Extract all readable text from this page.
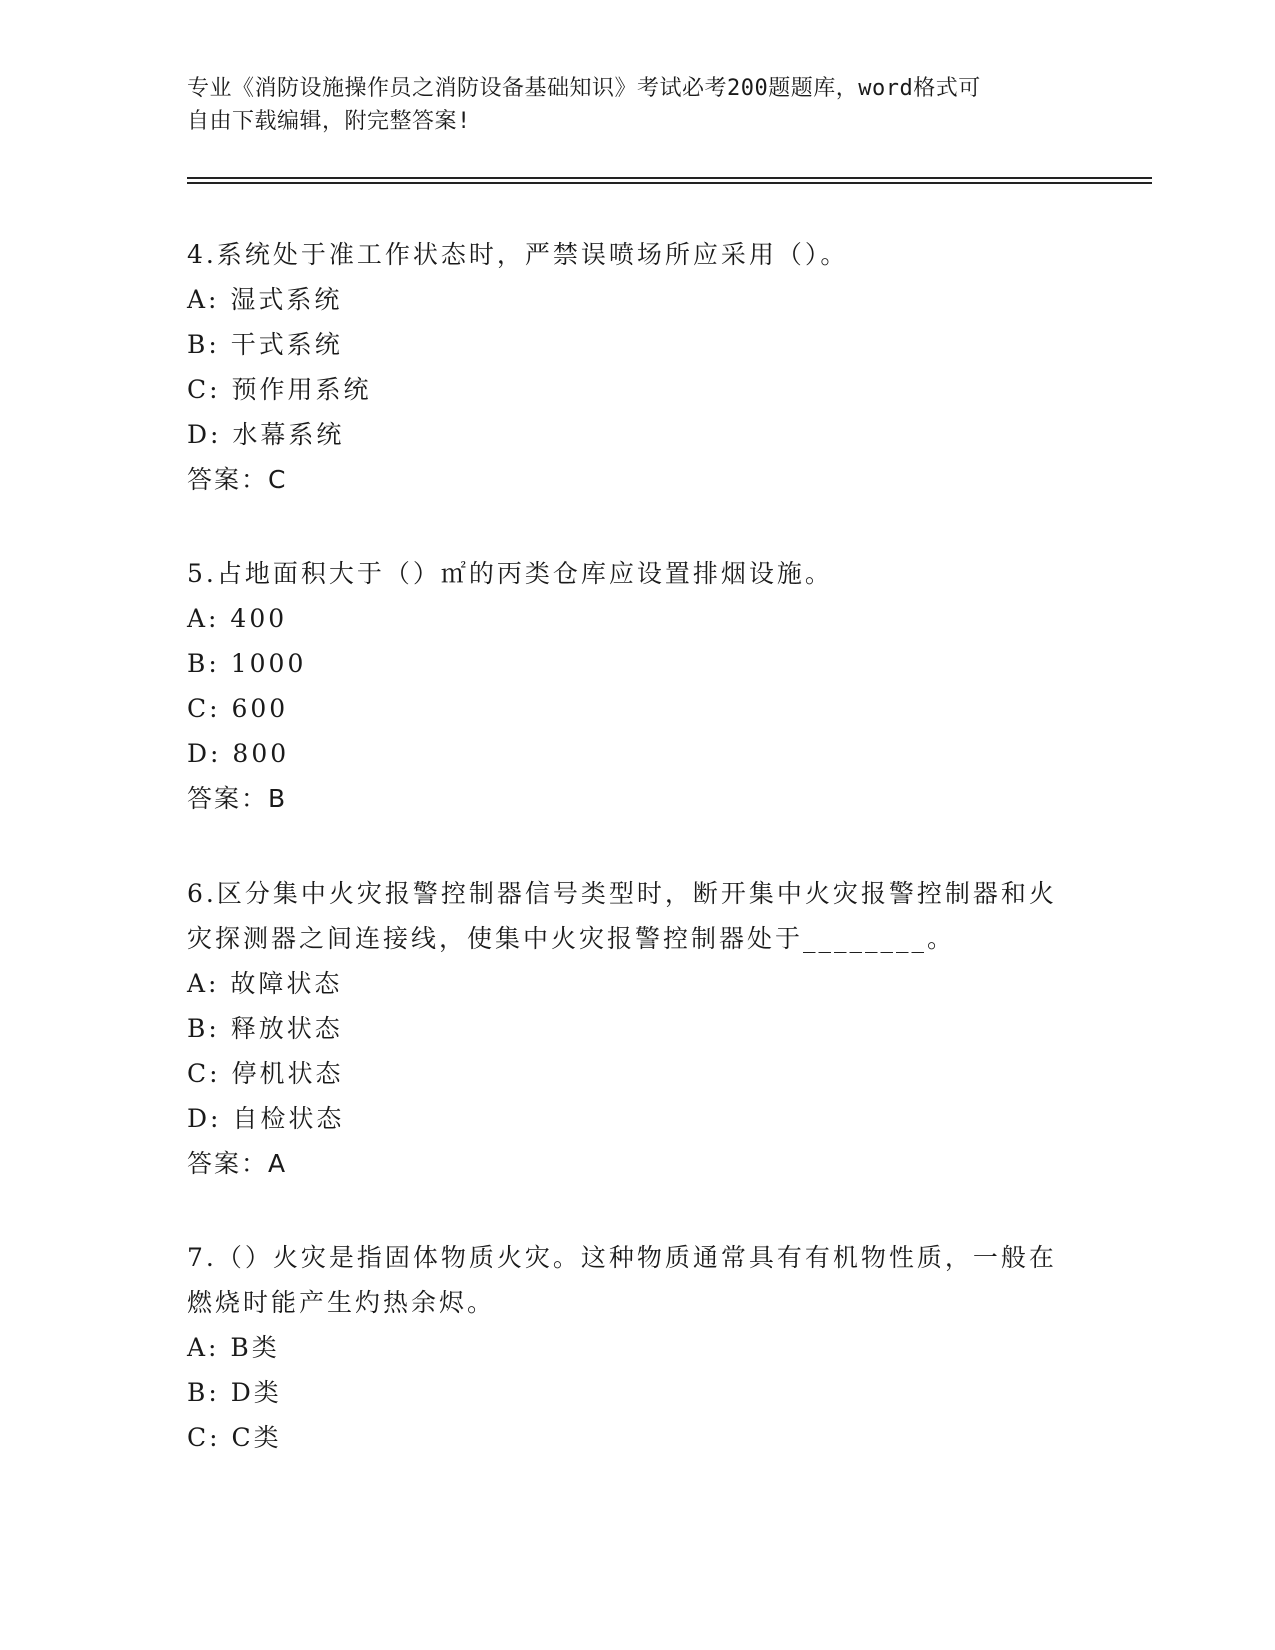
专业《消防设施操作员之消防设备基础知识》考试必考200题题库，word格式可
自由下载编辑，附完整答案!

4.系统处于准工作状态时，严禁误喷场所应采用（）。

A: 湿式系统

B: 干式系统

C: 预作用系统

D: 水幕系统

答案：C

5.占地面积大于（）㎡的丙类仓库应设置排烟设施。

A: 400

B: 1000

C: 600

D: 800

答案：B

6.区分集中火灾报警控制器信号类型时，断开集中火灾报警控制器和火灾探测器之间连接线，使集中火灾报警控制器处于________。

A: 故障状态

B: 释放状态

C: 停机状态

D: 自检状态

答案：A

7.（）火灾是指固体物质火灾。这种物质通常具有有机物性质，一般在燃烧时能产生灼热余烬。

A: B类

B: D类

C: C类
